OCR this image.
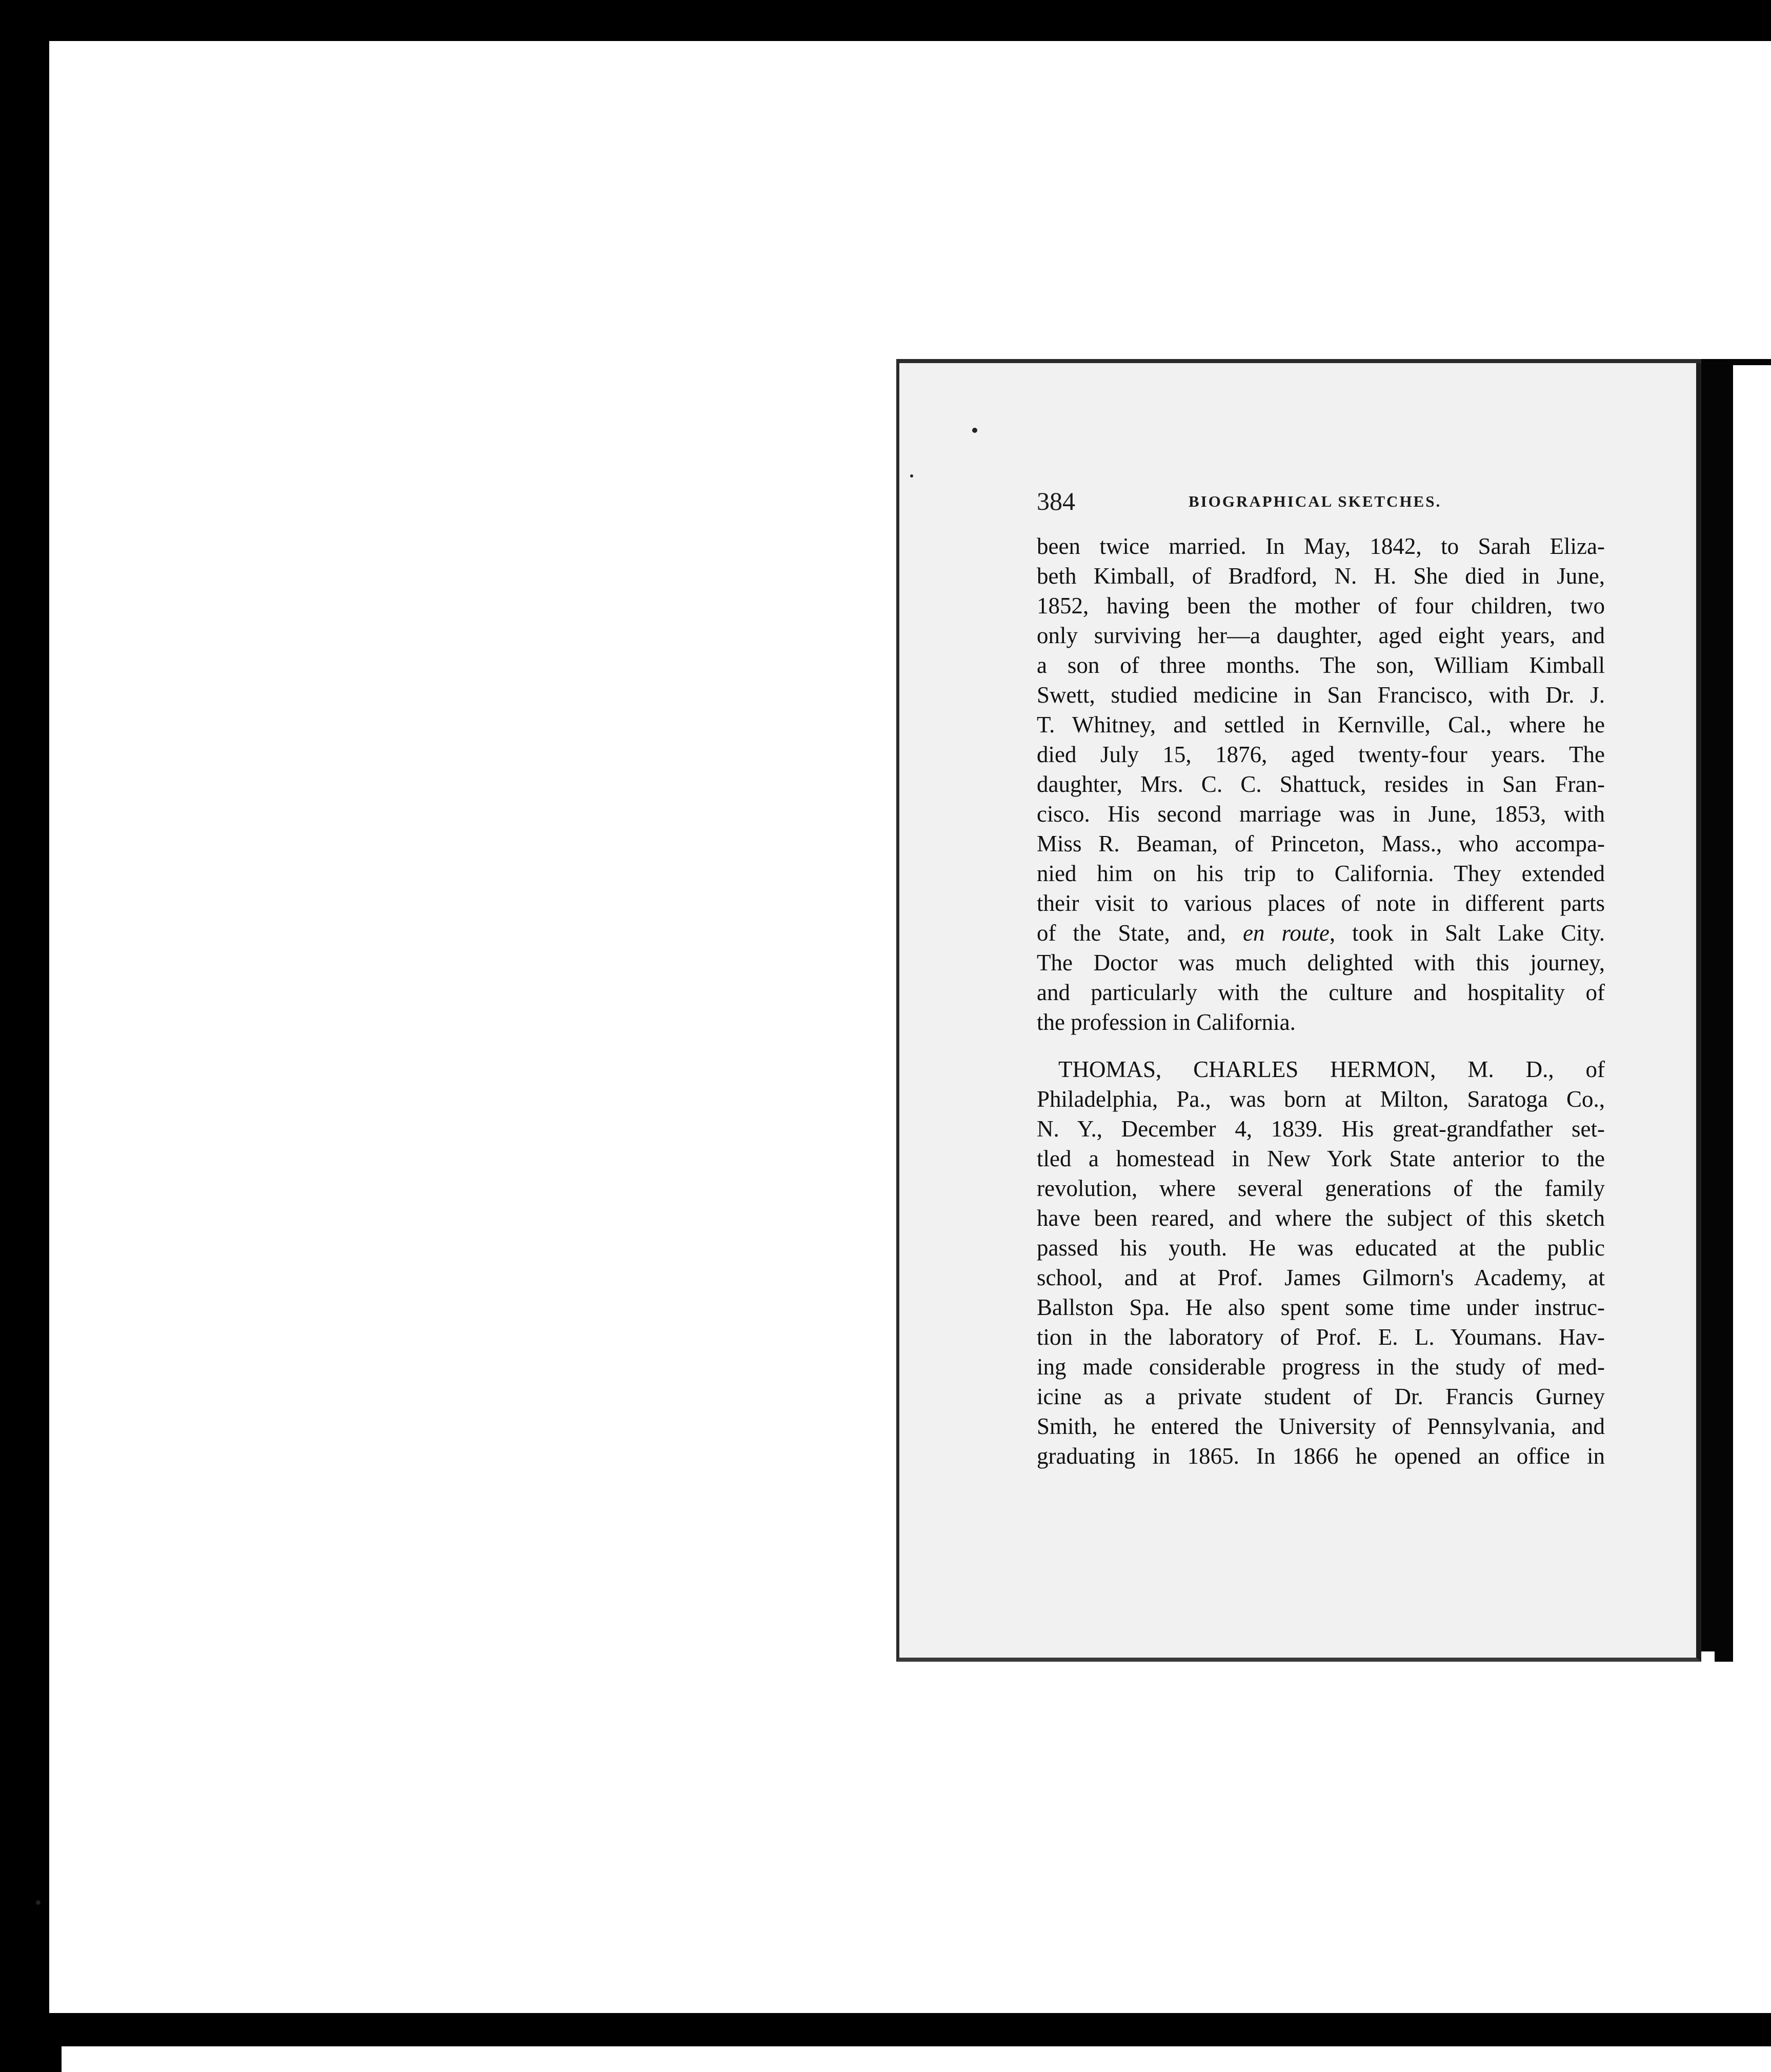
384	BIOGRAPHICAL SKETCHES.
been twice married. In May, 1842, to Sarah Eliza-
beth Kimball, of Bradford, N. H. She died in June,
1852, having been the mother of four children, two
only surviving her—a daughter, aged eight years, and
a son of three months. The son, William Kimball
Swett, studied medicine in San Francisco, with Dr. J.
T. Whitney, and settled in Kernville, Cal., where he
died July 15, 1876, aged twenty-four years. The
daughter, Mrs. C. C. Shattuck, resides in San Fran-
cisco. His second marriage was in June, 1853, with
Miss R. Beaman, of Princeton, Mass., who accompa-
nied him on his trip to California. They extended
their visit to various places of note in different parts
of the State, and, en route, took in Salt Lake City.
The Doctor was much delighted with this journey,
and particularly with the culture and hospitality of
the profession in California.
THOMAS, CHARLES HERMON, M. D., of
Philadelphia, Pa., was born at Milton, Saratoga Co.,
N. Y., December 4, 1839. His great-grandfather set-
tled a homestead in New York State anterior to the
revolution, where several generations of the family
have been reared, and where the subject of this sketch
passed his youth. He was educated at the public
school, and at Prof. James Gilmorn's Academy, at
Ballston Spa. He also spent some time under instruc-
tion in the laboratory of Prof. E. L. Youmans. Hav-
ing made considerable progress in the study of med-
icine as a private student of Dr. Francis Gurney
Smith, he entered the University of Pennsylvania, and
graduating in 1865. In 1866 he opened an office in
